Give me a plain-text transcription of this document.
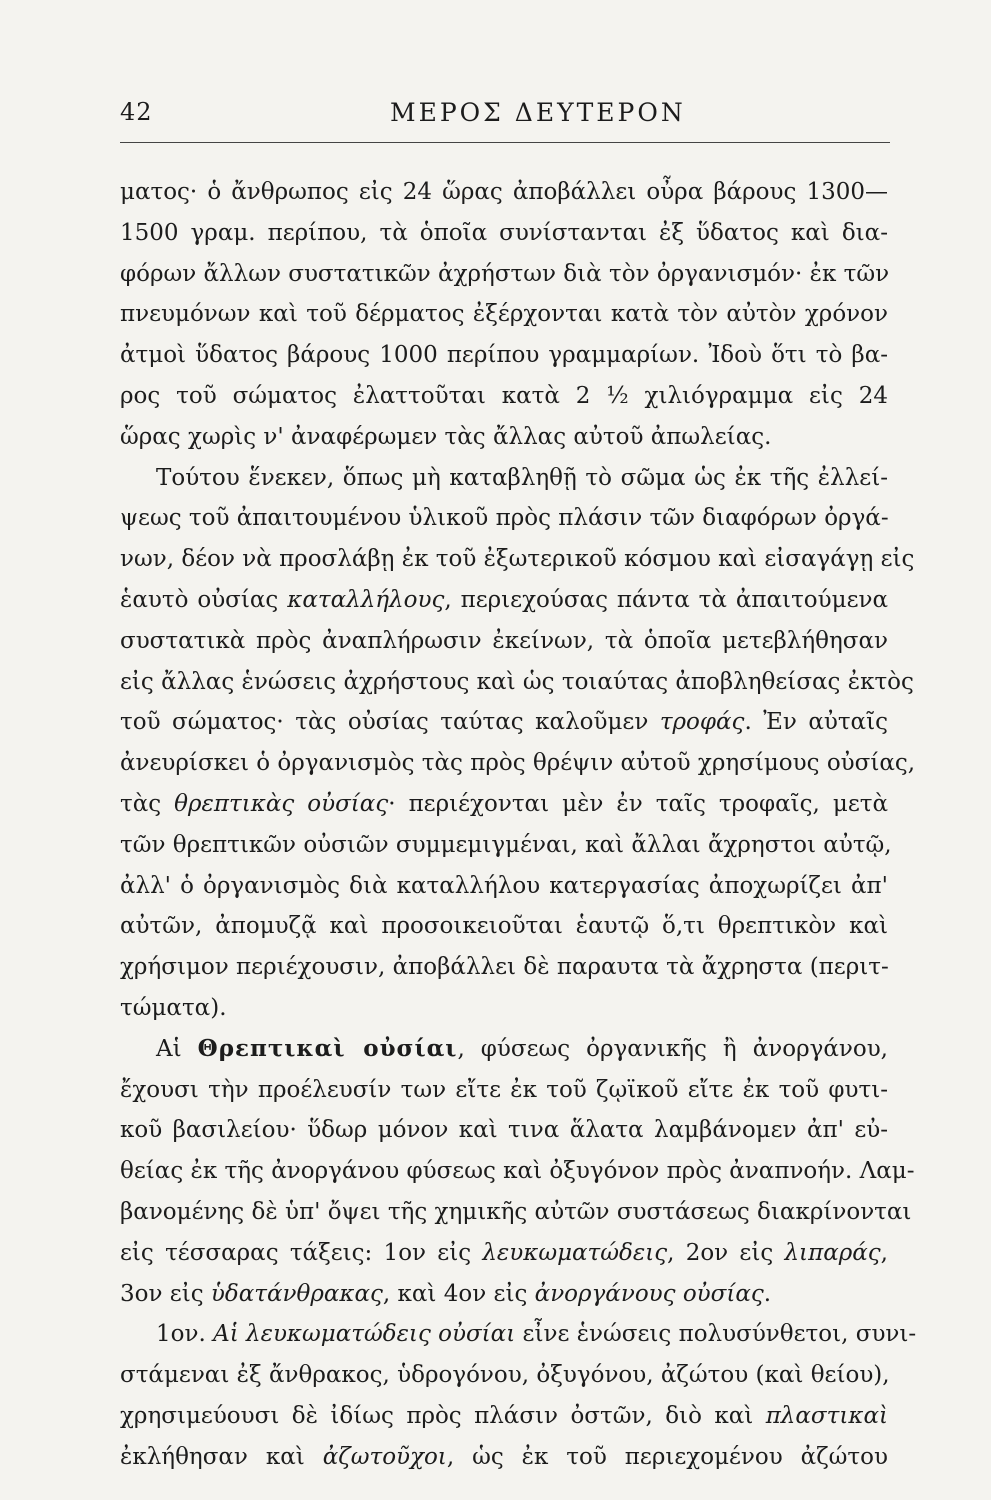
42	ΜΕΡΟΣ ΔΕΥΤΕΡΟΝ
ματος· ὁ ἄνθρωπος εἰς 24 ὥρας ἀποβάλλει οὖρα βάρους 1300—
1500 γραμ. περίπου, τὰ ὁποῖα συνίστανται ἐξ ὕδατος καὶ δια-
φόρων ἄλλων συστατικῶν ἀχρήστων διὰ τὸν ὀργανισμόν· ἐκ τῶν
πνευμόνων καὶ τοῦ δέρματος ἐξέρχονται κατὰ τὸν αὐτὸν χρόνον
ἀτμοὶ ὕδατος βάρους 1000 περίπου γραμμαρίων. Ἰδοὺ ὅτι τὸ βα-
ρος τοῦ σώματος ἐλαττοῦται κατὰ 2 ½ χιλιόγραμμα εἰς 24
ὥρας χωρὶς ν' ἀναφέρωμεν τὰς ἄλλας αὐτοῦ ἀπωλείας.
Τούτου ἕνεκεν, ὅπως μὴ καταβληθῇ τὸ σῶμα ὡς ἐκ τῆς ἐλλεί-
ψεως τοῦ ἀπαιτουμένου ὑλικοῦ πρὸς πλάσιν τῶν διαφόρων ὀργά-
νων, δέον νὰ προσλάβῃ ἐκ τοῦ ἐξωτερικοῦ κόσμου καὶ εἰσαγάγῃ εἰς
ἑαυτὸ οὐσίας καταλλήλους, περιεχούσας πάντα τὰ ἀπαιτούμενα
συστατικὰ πρὸς ἀναπλήρωσιν ἐκείνων, τὰ ὁποῖα μετεβλήθησαν
εἰς ἄλλας ἑνώσεις ἀχρήστους καὶ ὡς τοιαύτας ἀποβληθείσας ἐκτὸς
τοῦ σώματος· τὰς οὐσίας ταύτας καλοῦμεν τροφάς. Ἐν αὐταῖς
ἀνευρίσκει ὁ ὀργανισμὸς τὰς πρὸς θρέψιν αὐτοῦ χρησίμους οὐσίας,
τὰς θρεπτικὰς οὐσίας· περιέχονται μὲν ἐν ταῖς τροφαῖς, μετὰ
τῶν θρεπτικῶν οὐσιῶν συμμεμιγμέναι, καὶ ἄλλαι ἄχρηστοι αὐτῷ,
ἀλλ' ὁ ὀργανισμὸς διὰ καταλλήλου κατεργασίας ἀποχωρίζει ἀπ'
αὐτῶν, ἀπομυζᾷ καὶ προσοικειοῦται ἑαυτῷ ὅ,τι θρεπτικὸν καὶ
χρήσιμον περιέχουσιν, ἀποβάλλει δὲ παραυτα τὰ ἄχρηστα (περιτ-
τώματα).
Αἱ Θρεπτικαὶ οὐσίαι, φύσεως ὀργανικῆς ἢ ἀνοργάνου,
ἔχουσι τὴν προέλευσίν των εἴτε ἐκ τοῦ ζῳϊκοῦ εἴτε ἐκ τοῦ φυτι-
κοῦ βασιλείου· ὕδωρ μόνον καὶ τινα ἅλατα λαμβάνομεν ἀπ' εὐ-
θείας ἐκ τῆς ἀνοργάνου φύσεως καὶ ὀξυγόνον πρὸς ἀναπνοήν. Λαμ-
βανομένης δὲ ὑπ' ὄψει τῆς χημικῆς αὐτῶν συστάσεως διακρίνονται
εἰς τέσσαρας τάξεις: 1ον εἰς λευκωματώδεις, 2ον εἰς λιπαράς,
3ον εἰς ὑδατάνθρακας, καὶ 4ον εἰς ἀνοργάνους οὐσίας.
1ον. Αἱ λευκωματώδεις οὐσίαι εἶνε ἑνώσεις πολυσύνθετοι, συνι-
στάμεναι ἐξ ἄνθρακος, ὑδρογόνου, ὀξυγόνου, ἀζώτου (καὶ θείου),
χρησιμεύουσι δὲ ἰδίως πρὸς πλάσιν ὀστῶν, διὸ καὶ πλαστικαὶ
ἐκλήθησαν καὶ ἀζωτοῦχοι, ὡς ἐκ τοῦ περιεχομένου ἀζώτου
